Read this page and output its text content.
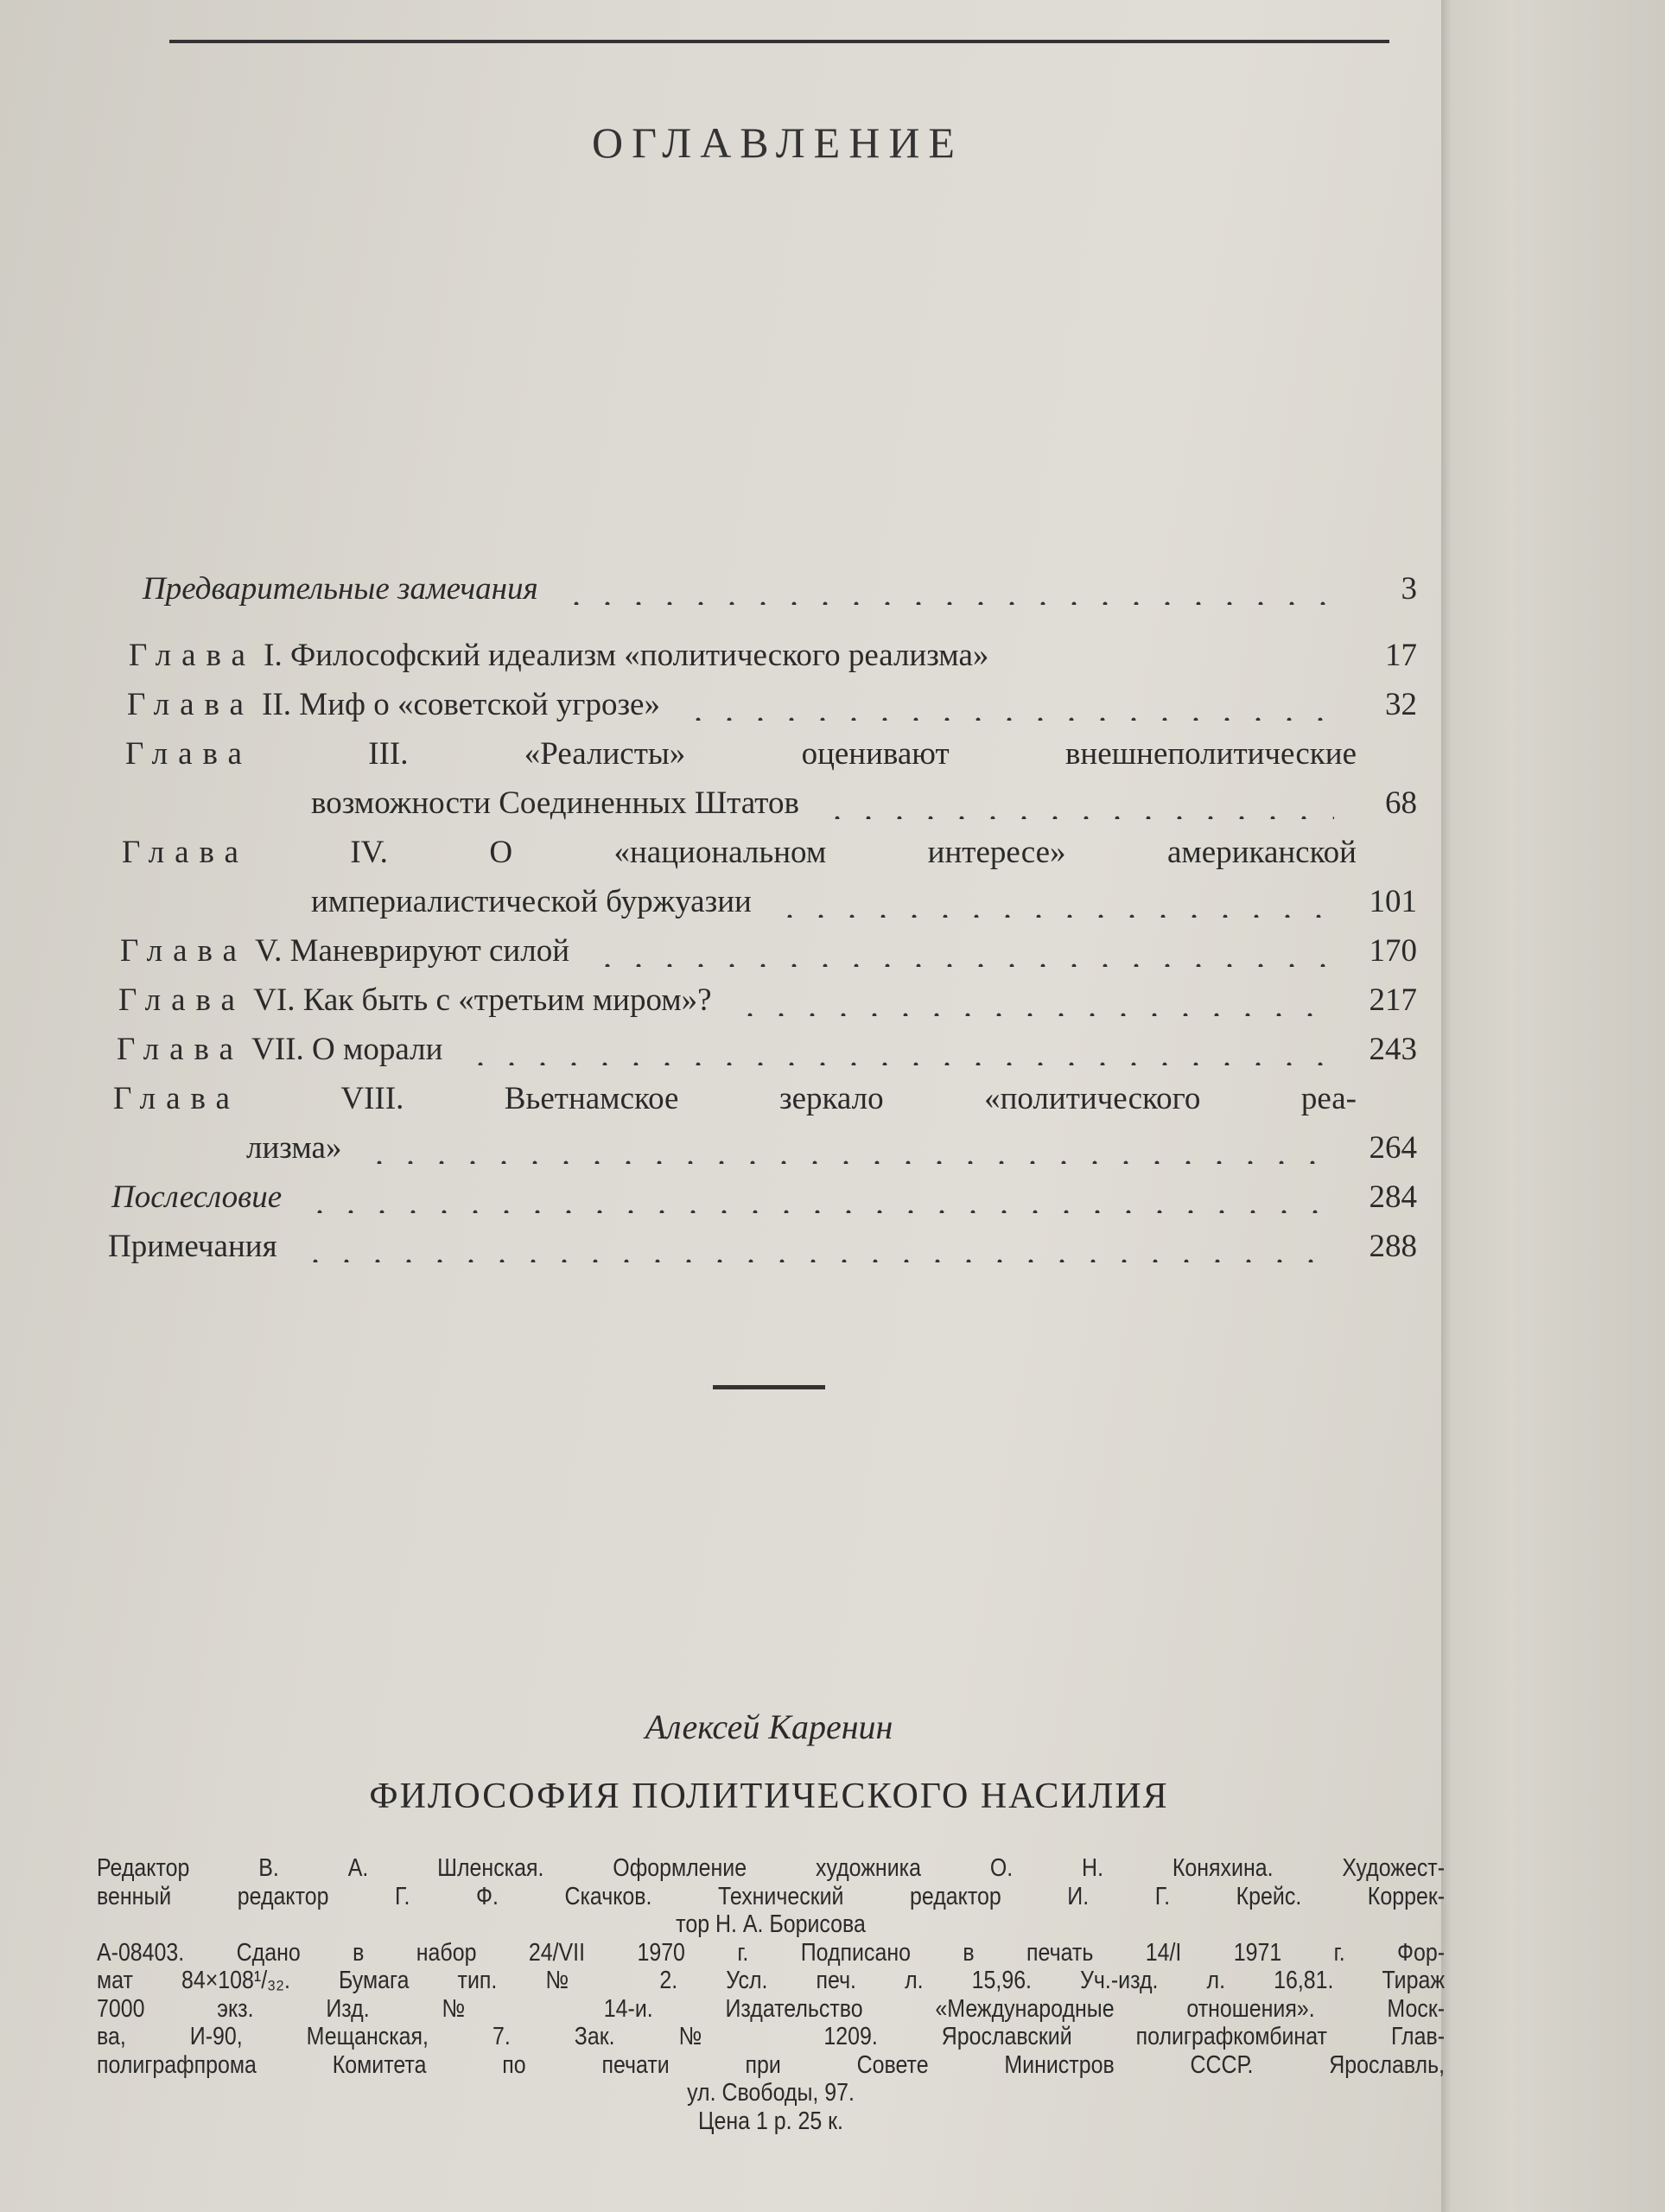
ОГЛАВЛЕНИЕ
Предварительные замечания	3
Глава I. Философский идеализм «политического реализма»	17
Глава II. Миф о «советской угрозе»	32
Глава	III. «Реалисты» оценивают внешнеполитические
возможности Соединенных Штатов	68
Глава	IV. О «национальном интересе» американской
империалистической буржуазии	101
Глава V. Маневрируют силой	170
Глава VI. Как быть с «третьим миром»?	217
Глава VII. О морали	243
Глава	VIII. Вьетнамское зеркало «политического реа-
лизма»	264
Послесловие	284
Примечания	288
Алексей Каренин
ФИЛОСОФИЯ ПОЛИТИЧЕСКОГО НАСИЛИЯ
Редактор В. А. Шленская. Оформление художника О. Н. Коняхина. Художест-
венный редактор Г. Ф. Скачков. Технический редактор И. Г. Крейс. Коррек-
тор Н. А. Борисова
А-08403. Сдано в набор 24/VII 1970 г. Подписано в печать 14/I 1971 г. Фор-
мат 84×108¹/₃₂. Бумага тип. № 2. Усл. печ. л. 15,96. Уч.-изд. л. 16,81. Тираж
7000 экз. Изд. № 14-и. Издательство «Международные отношения». Моск-
ва, И-90, Мещанская, 7. Зак. № 1209. Ярославский полиграфкомбинат Глав-
полиграфпрома Комитета по печати при Совете Министров СССР. Ярославль,
ул. Свободы, 97.
Цена 1 р. 25 к.
